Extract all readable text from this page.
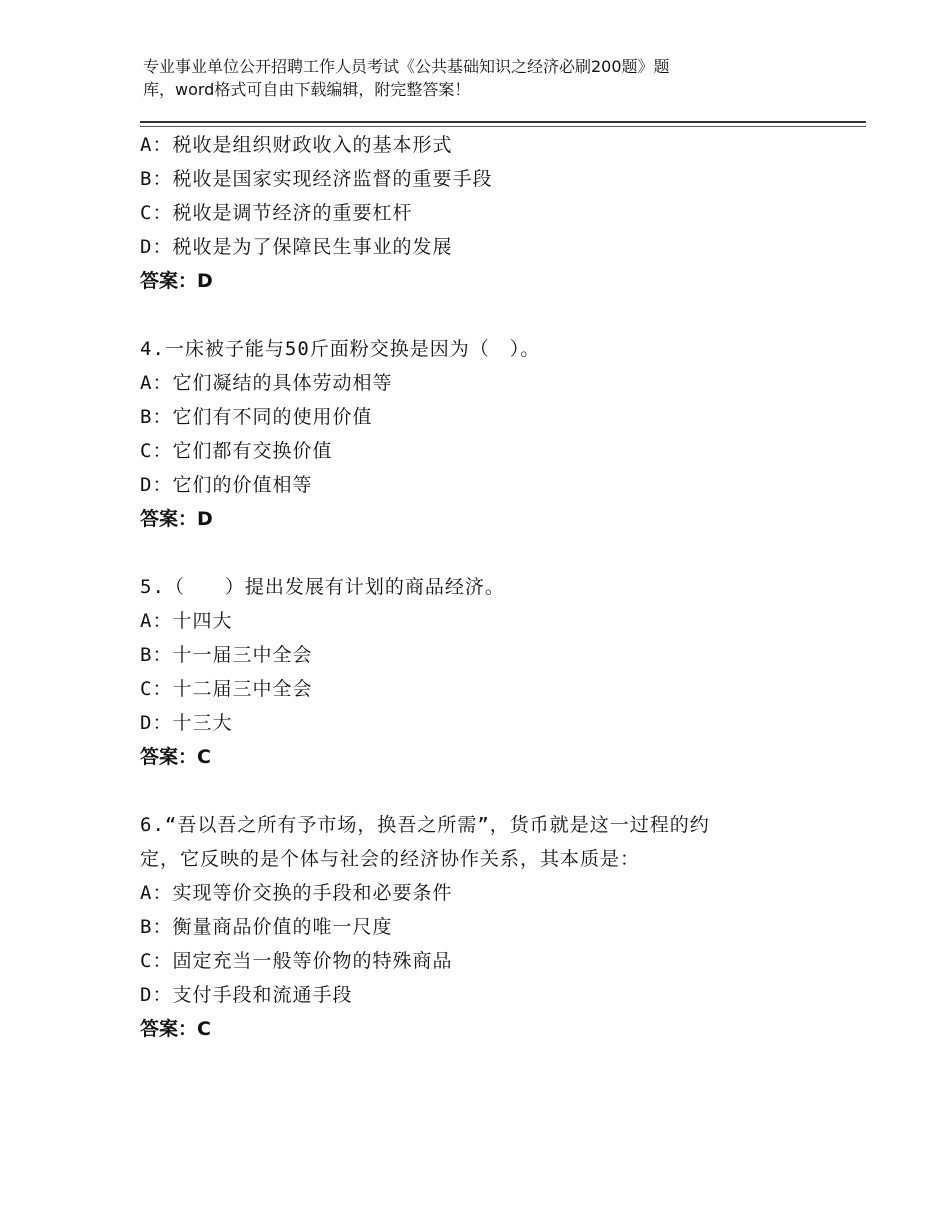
专业事业单位公开招聘工作人员考试《公共基础知识之经济必刷200题》题
库，word格式可自由下载编辑，附完整答案！
A：税收是组织财政收入的基本形式
B：税收是国家实现经济监督的重要手段
C：税收是调节经济的重要杠杆
D：税收是为了保障民生事业的发展
答案：D
4.一床被子能与50斤面粉交换是因为（　）。
A：它们凝结的具体劳动相等
B：它们有不同的使用价值
C：它们都有交换价值
D：它们的价值相等
答案：D
5.（　　）提出发展有计划的商品经济。
A：十四大
B：十一届三中全会
C：十二届三中全会
D：十三大
答案：C
6.“吾以吾之所有予市场，换吾之所需”，货币就是这一过程的约
定，它反映的是个体与社会的经济协作关系，其本质是：
A：实现等价交换的手段和必要条件
B：衡量商品价值的唯一尺度
C：固定充当一般等价物的特殊商品
D：支付手段和流通手段
答案：C
